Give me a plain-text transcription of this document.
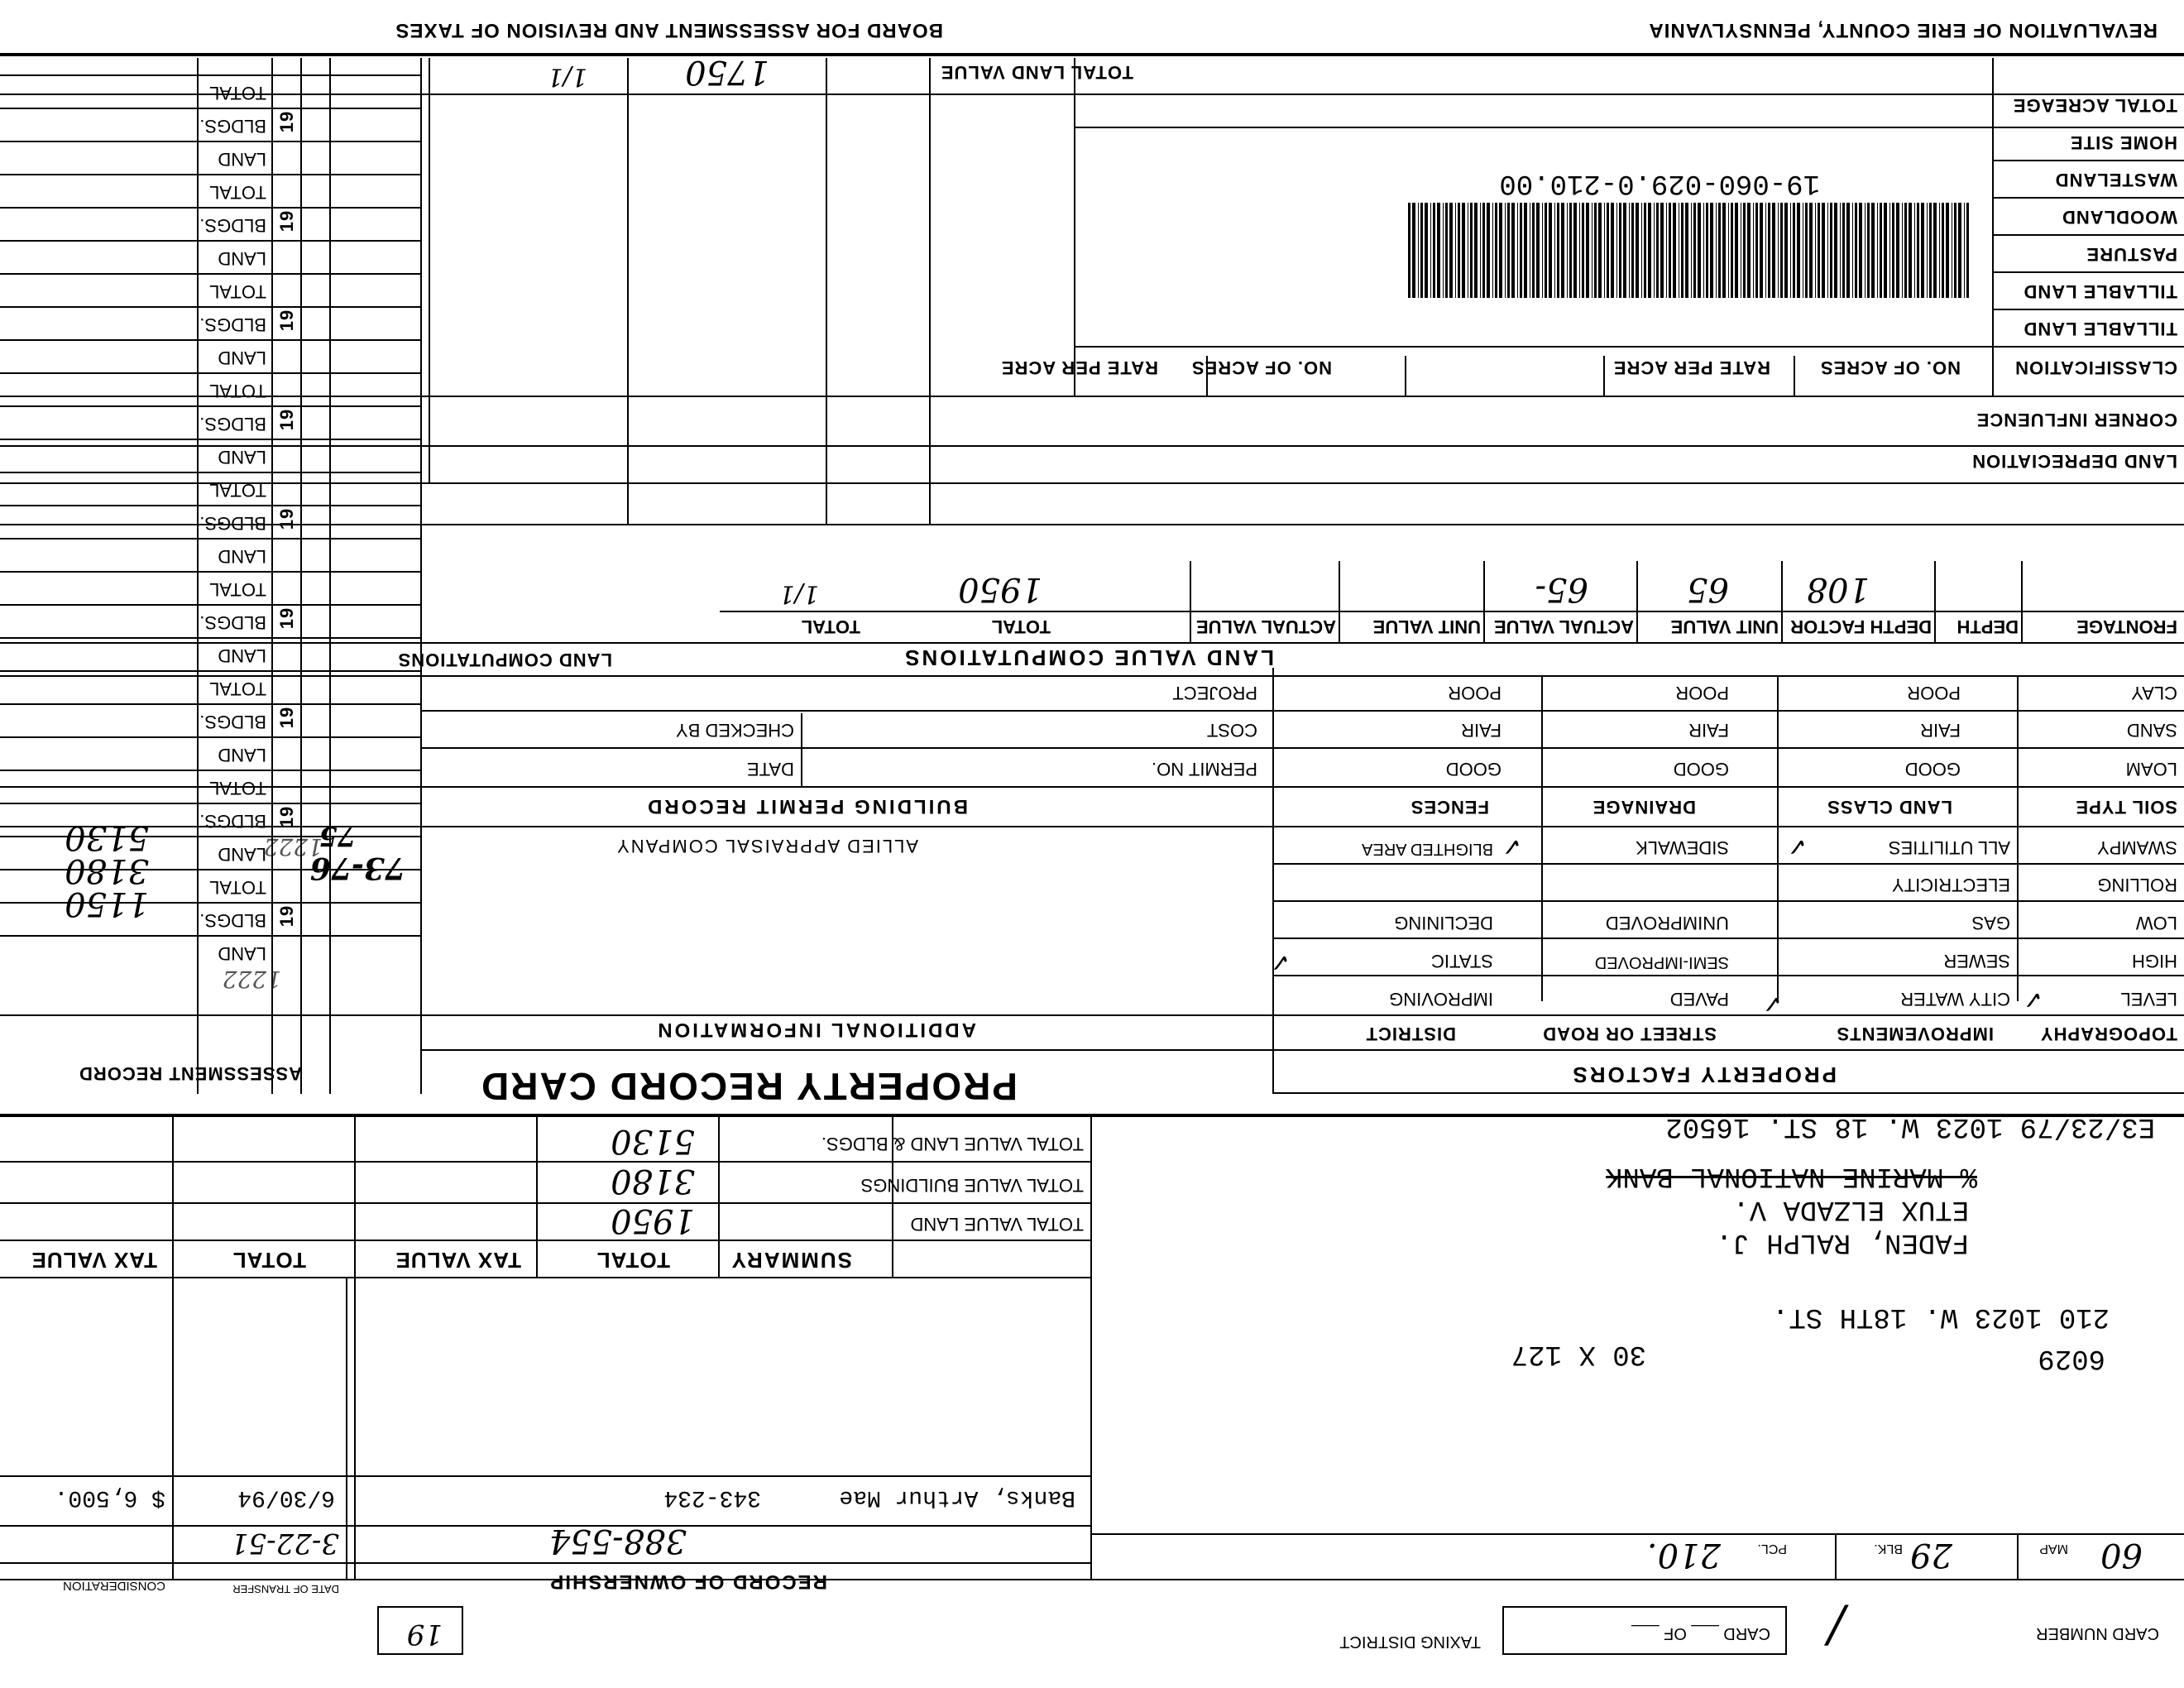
REVALUATION OF ERIE COUNTY, PENNSYLVANIA
BOARD FOR ASSESSMENT AND REVISION OF TAXES
TOTAL LAND VALUE
1750
1/1
TOTAL ACREAGE
HOME SITE
WASTELAND
WOODLAND
PASTURE
TILLABLE LAND
TILLABLE LAND
CLASSIFICATION
NO. OF ACRES
RATE PER ACRE
NO. OF ACRES
RATE PER ACRE
CORNER INFLUENCE
LAND DEPRECIATION
19-060-029.0-210.00
FRONTAGE
DEPTH
DEPTH FACTOR
UNIT VALUE
ACTUAL VALUE
UNIT VALUE
ACTUAL VALUE
TOTAL
TOTAL
108
65
65-
1950
1/1
LAND VALUE COMPUTATIONS
LAND COMPUTATIONS
CLAY
SAND
LOAM
SOIL TYPE
LAND CLASS
DRAINAGE
FENCES
POOR
FAIR
GOOD
POOR
FAIR
GOOD
POOR
FAIR
GOOD
SWAMPY
ROLLING
LOW
HIGH
LEVEL
ALL UTILITIES
ELECTRICITY
GAS
SEWER
CITY WATER
SIDEWALK
UNIMPROVED
SEMI-IMPROVED
PAVED
BLIGHTED AREA
DECLINING
STATIC
IMPROVING	✓
✓
✓
✓
✓
TOPOGRAPHY
IMPROVEMENTS
STREET OR ROAD
DISTRICT
PROPERTY FACTORS
PROJECT
COST
PERMIT NO.
CHECKED BY
DATE
BUILDING PERMIT RECORD
ALLIED APPRAISAL COMPANY
ADDITIONAL INFORMATION
PROPERTY RECORD CARD
1222
1222
ASSESSMENT RECORD
73-76
75
1150
3180
5130
E3/23/79 1023 W. 18 ST. 16502
% MARINE NATIONAL BANK
ETUX ELZADA V.
FADEN, RALPH J.
210 1023 W. 18TH ST.
6029
30 X 127
MAP 60
BLK. 29
PCL.
210.
TOTAL VALUE LAND & BLDGS.
TOTAL VALUE BUILDINGS
TOTAL VALUE LAND
SUMMARY
TOTAL
TAX VALUE
TOTAL
TAX VALUE
5130
3180
1950
RECORD OF OWNERSHIP
DATE OF TRANSFER
CONSIDERATION
388-554
3-22-51
Banks, Arthur Mae
343-234
6/30/94
$ 6,500.
CARD NUMBER
CARD ___ OF ___
TAXING DISTRICT
19	/
TOTAL
BLDGS.
LAND
19
TOTAL
BLDGS.
LAND
19
TOTAL
BLDGS.
LAND
19
TOTAL
BLDGS.
LAND
19
TOTAL
BLDGS.
LAND
19
TOTAL
BLDGS.
LAND
19
TOTAL
BLDGS.
LAND
19
TOTAL
BLDGS.
LAND
19
TOTAL
BLDGS.
LAND
19
